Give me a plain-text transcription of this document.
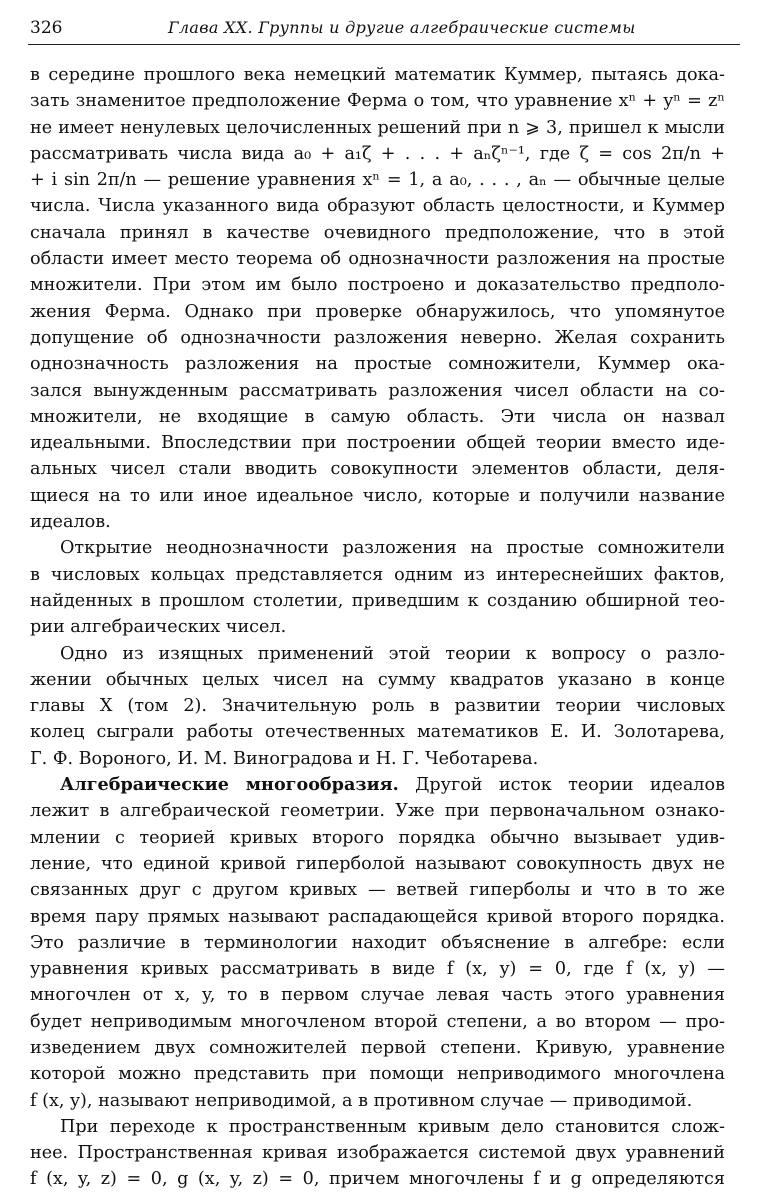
326	Глава XX. Группы и другие алгебраические системы

в середине прошлого века немецкий математик Куммер, пытаясь дока-
зать знаменитое предположение Ферма о том, что уравнение xⁿ + yⁿ = zⁿ
не имеет ненулевых целочисленных решений при n ⩾ 3, пришел к мысли
рассматривать числа вида a₀ + a₁ζ + . . . + aₙζⁿ⁻¹, где ζ = cos 2π/n +
+ i sin 2π/n — решение уравнения xⁿ = 1, а a₀, . . . , aₙ — обычные целые
числа. Числа указанного вида образуют область целостности, и Куммер
сначала принял в качестве очевидного предположение, что в этой
области имеет место теорема об однозначности разложения на простые
множители. При этом им было построено и доказательство предполо-
жения Ферма. Однако при проверке обнаружилось, что упомянутое
допущение об однозначности разложения неверно. Желая сохранить
однозначность разложения на простые сомножители, Куммер ока-
зался вынужденным рассматривать разложения чисел области на со-
множители, не входящие в самую область. Эти числа он назвал
идеальными. Впоследствии при построении общей теории вместо иде-
альных чисел стали вводить совокупности элементов области, деля-
щиеся на то или иное идеальное число, которые и получили название
идеалов.

Открытие неоднозначности разложения на простые сомножители
в числовых кольцах представляется одним из интереснейших фактов,
найденных в прошлом столетии, приведшим к созданию обширной тео-
рии алгебраических чисел.

Одно из изящных применений этой теории к вопросу о разло-
жении обычных целых чисел на сумму квадратов указано в конце
главы X (том 2). Значительную роль в развитии теории числовых
колец сыграли работы отечественных математиков Е. И. Золотарева,
Г. Ф. Вороного, И. М. Виноградова и Н. Г. Чеботарева.

Алгебраические многообразия. Другой исток теории идеалов
лежит в алгебраической геометрии. Уже при первоначальном ознако-
млении с теорией кривых второго порядка обычно вызывает удив-
ление, что единой кривой гиперболой называют совокупность двух не
связанных друг с другом кривых — ветвей гиперболы и что в то же
время пару прямых называют распадающейся кривой второго порядка.
Это различие в терминологии находит объяснение в алгебре: если
уравнения кривых рассматривать в виде f (x, y) = 0, где f (x, y) —
многочлен от x, y, то в первом случае левая часть этого уравнения
будет неприводимым многочленом второй степени, а во втором — про-
изведением двух сомножителей первой степени. Кривую, уравнение
которой можно представить при помощи неприводимого многочлена
f (x, y), называют неприводимой, а в противном случае — приводимой.

При переходе к пространственным кривым дело становится слож-
нее. Пространственная кривая изображается системой двух уравнений
f (x, y, z) = 0, g (x, y, z) = 0, причем многочлены f и g определяются
